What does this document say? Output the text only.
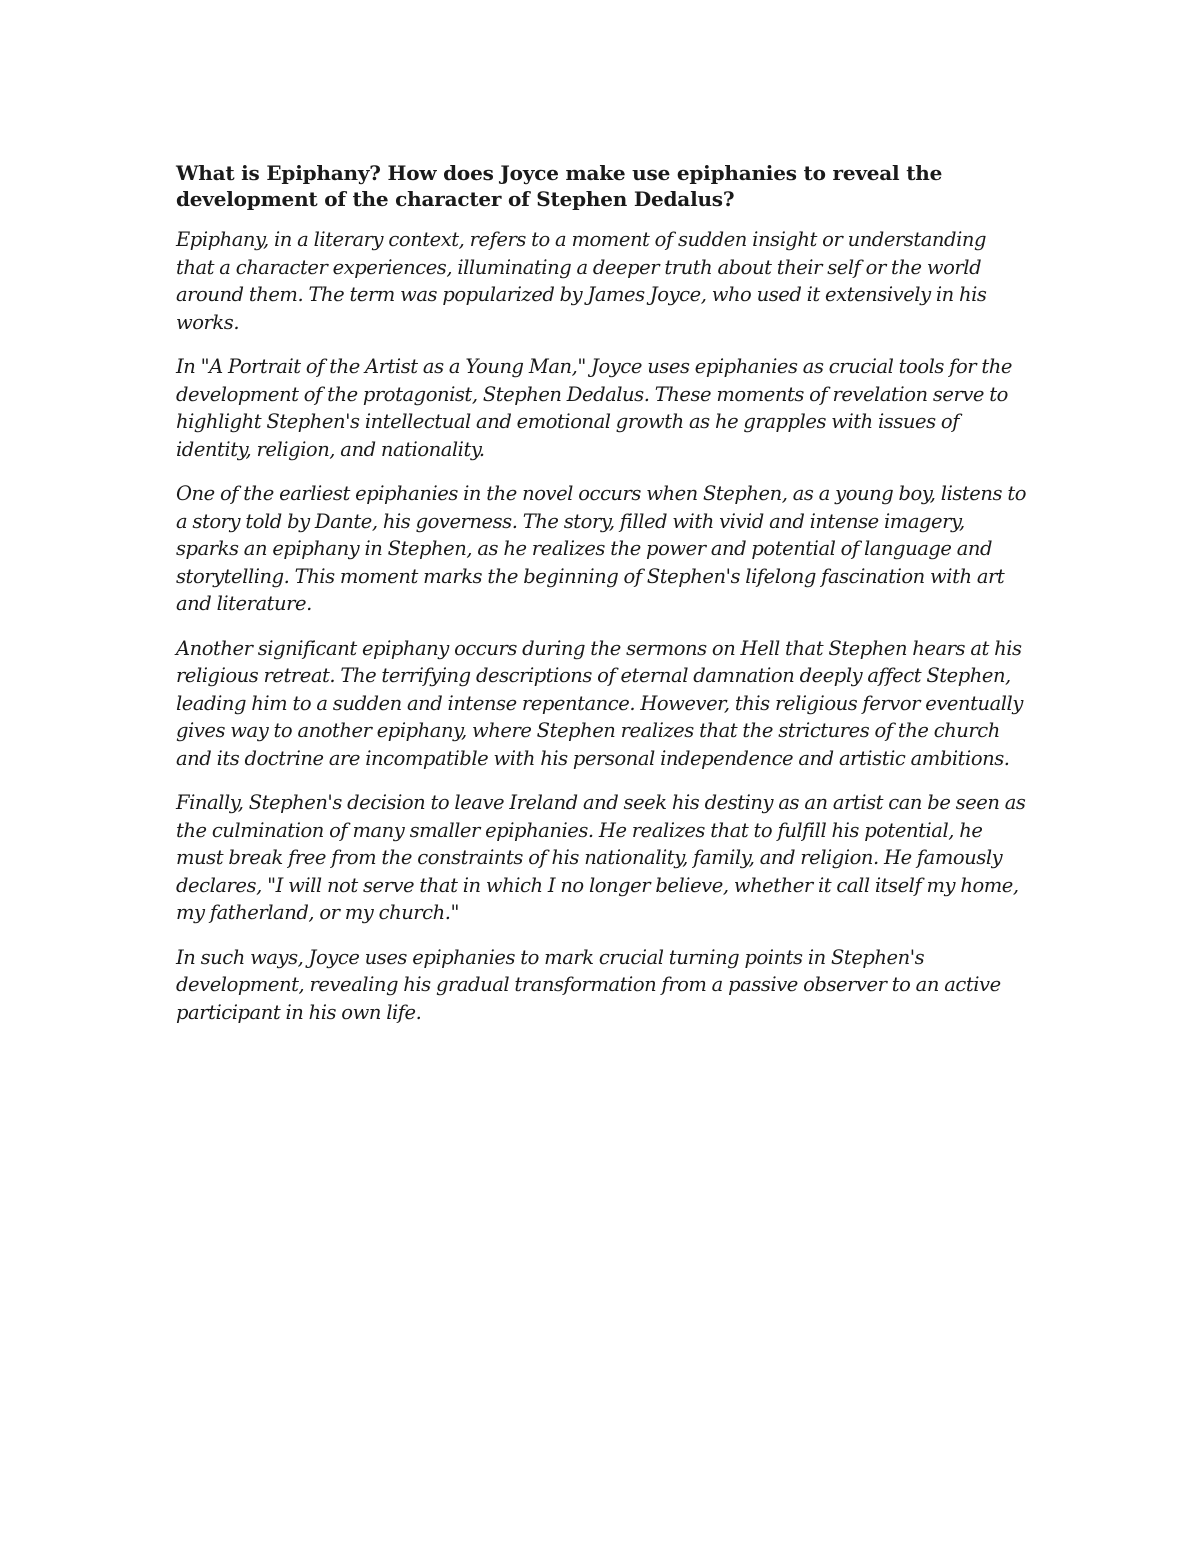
What is Epiphany? How does Joyce make use epiphanies to reveal the development of the character of Stephen Dedalus?

Epiphany, in a literary context, refers to a moment of sudden insight or understanding that a character experiences, illuminating a deeper truth about their self or the world around them. The term was popularized by James Joyce, who used it extensively in his works.

In "A Portrait of the Artist as a Young Man," Joyce uses epiphanies as crucial tools for the development of the protagonist, Stephen Dedalus. These moments of revelation serve to highlight Stephen's intellectual and emotional growth as he grapples with issues of identity, religion, and nationality.

One of the earliest epiphanies in the novel occurs when Stephen, as a young boy, listens to a story told by Dante, his governess. The story, filled with vivid and intense imagery, sparks an epiphany in Stephen, as he realizes the power and potential of language and storytelling. This moment marks the beginning of Stephen's lifelong fascination with art and literature.

Another significant epiphany occurs during the sermons on Hell that Stephen hears at his religious retreat. The terrifying descriptions of eternal damnation deeply affect Stephen, leading him to a sudden and intense repentance. However, this religious fervor eventually gives way to another epiphany, where Stephen realizes that the strictures of the church and its doctrine are incompatible with his personal independence and artistic ambitions.

Finally, Stephen's decision to leave Ireland and seek his destiny as an artist can be seen as the culmination of many smaller epiphanies. He realizes that to fulfill his potential, he must break free from the constraints of his nationality, family, and religion. He famously declares, "I will not serve that in which I no longer believe, whether it call itself my home, my fatherland, or my church."

In such ways, Joyce uses epiphanies to mark crucial turning points in Stephen's development, revealing his gradual transformation from a passive observer to an active participant in his own life.
